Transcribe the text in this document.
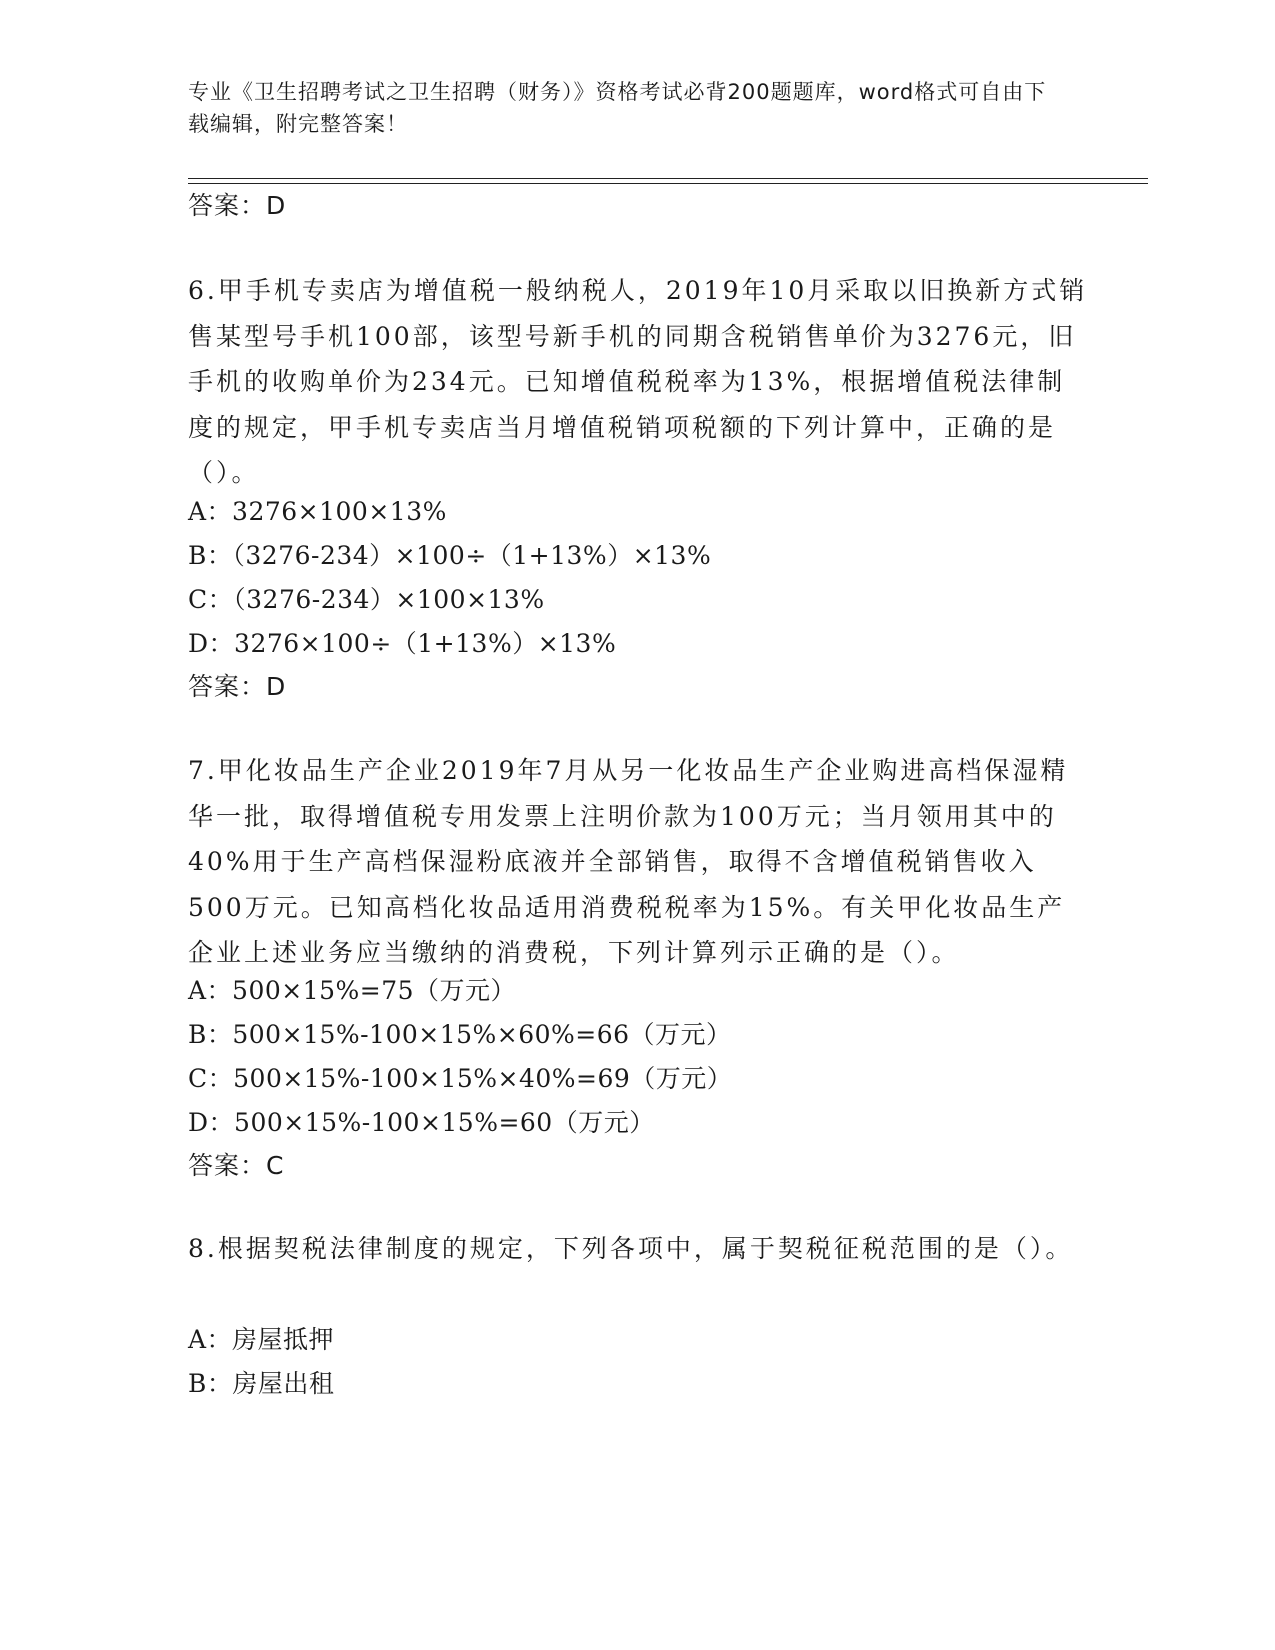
专业《卫生招聘考试之卫生招聘（财务）》资格考试必背200题题库，word格式可自由下载编辑，附完整答案！
答案：D
6.甲手机专卖店为增值税一般纳税人，2019年10月采取以旧换新方式销售某型号手机100部，该型号新手机的同期含税销售单价为3276元，旧手机的收购单价为234元。已知增值税税率为13%，根据增值税法律制度的规定，甲手机专卖店当月增值税销项税额的下列计算中，正确的是（）。
A：3276×100×13%
B：（3276-234）×100÷（1+13%）×13%
C：（3276-234）×100×13%
D：3276×100÷（1+13%）×13%
答案：D
7.甲化妆品生产企业2019年7月从另一化妆品生产企业购进高档保湿精华一批，取得增值税专用发票上注明价款为100万元；当月领用其中的40%用于生产高档保湿粉底液并全部销售，取得不含增值税销售收入500万元。已知高档化妆品适用消费税税率为15%。有关甲化妆品生产企业上述业务应当缴纳的消费税，下列计算列示正确的是（）。
A：500×15%=75（万元）
B：500×15%-100×15%×60%=66（万元）
C：500×15%-100×15%×40%=69（万元）
D：500×15%-100×15%=60（万元）
答案：C
8.根据契税法律制度的规定，下列各项中，属于契税征税范围的是（）。
A：房屋抵押
B：房屋出租
